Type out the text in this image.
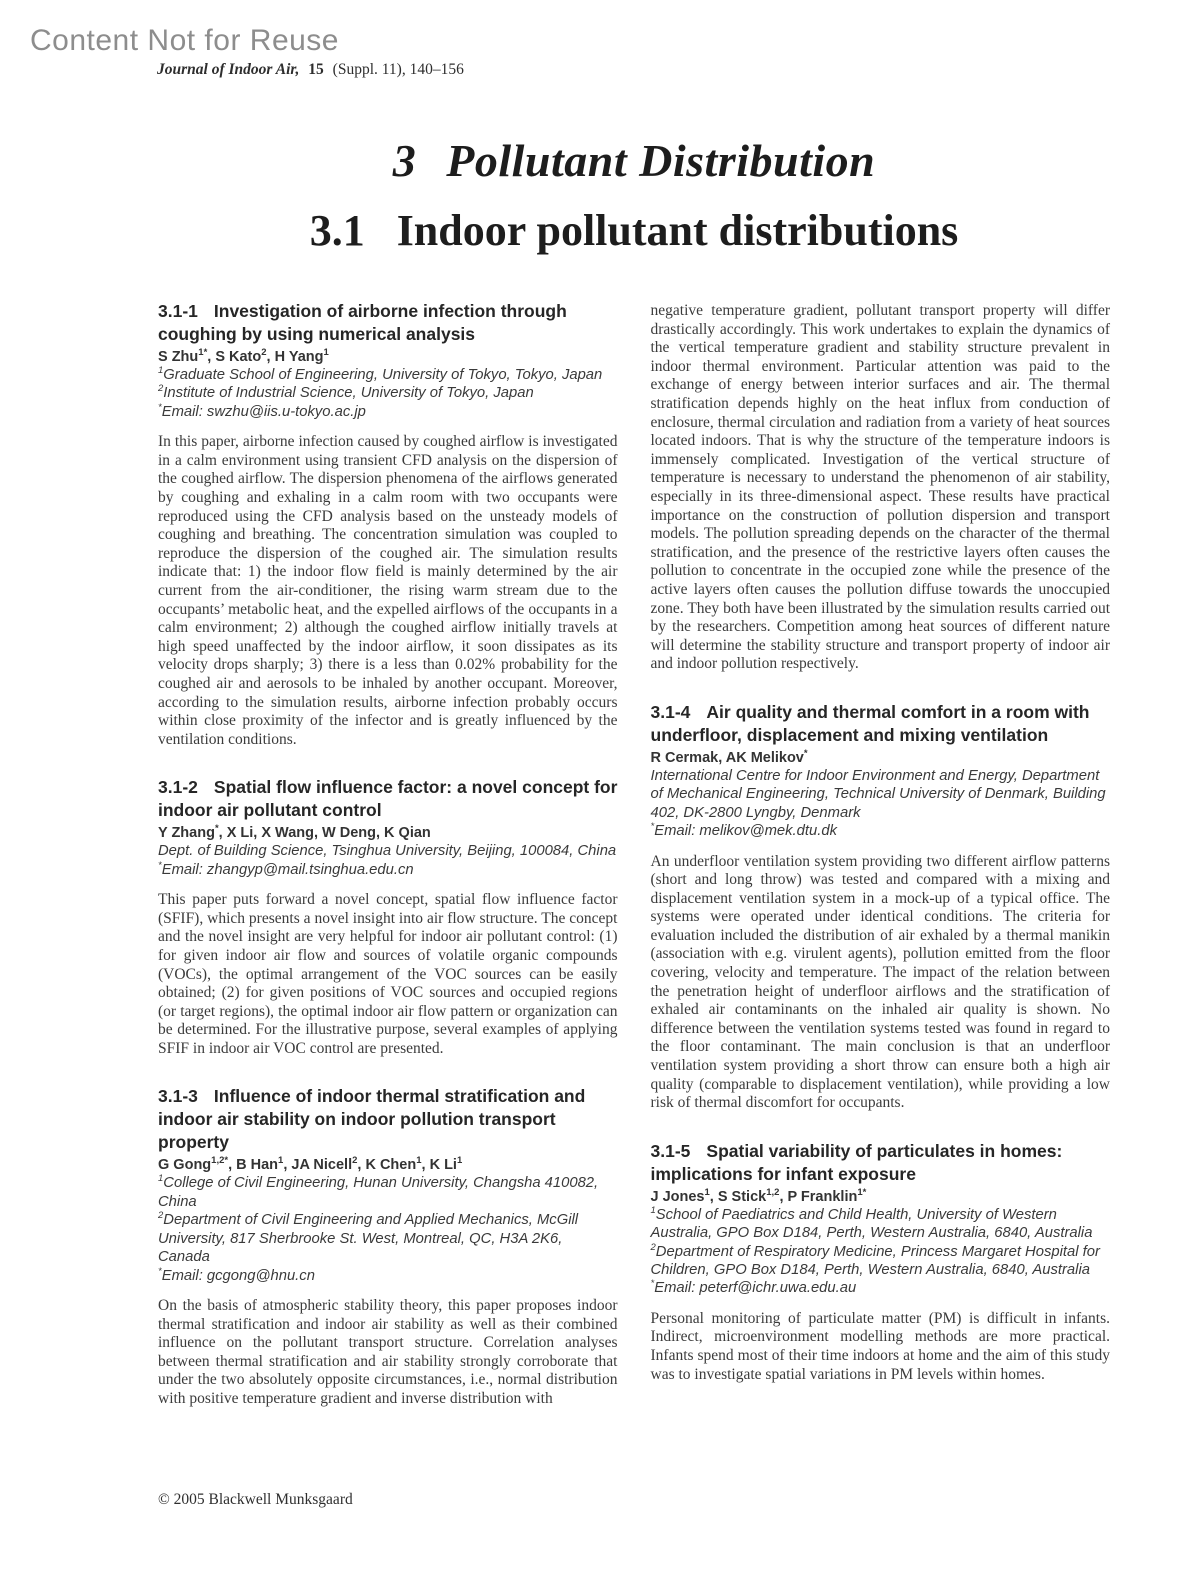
Content Not for Reuse
Journal of Indoor Air, 15 (Suppl. 11), 140–156
3 Pollutant Distribution
3.1 Indoor pollutant distributions
3.1-1 Investigation of airborne infection through coughing by using numerical analysis
S Zhu$^{1*}$, S Kato$^2$, H Yang$^1$
$^1$Graduate School of Engineering, University of Tokyo, Tokyo, Japan
$^2$Institute of Industrial Science, University of Tokyo, Japan
*Email: swzhu@iis.u-tokyo.ac.jp

In this paper, airborne infection caused by coughed airflow is investigated in a calm environment using transient CFD analysis on the dispersion of the coughed airflow. The dispersion phenomena of the airflows generated by coughing and exhaling in a calm room with two occupants were reproduced using the CFD analysis based on the unsteady models of coughing and breathing. The concentration simulation was coupled to reproduce the dispersion of the coughed air. The simulation results indicate that: 1) the indoor flow field is mainly determined by the air current from the air-conditioner, the rising warm stream due to the occupants’ metabolic heat, and the expelled airflows of the occupants in a calm environment; 2) although the coughed airflow initially travels at high speed unaffected by the indoor airflow, it soon dissipates as its velocity drops sharply; 3) there is a less than 0.02% probability for the coughed air and aerosols to be inhaled by another occupant. Moreover, according to the simulation results, airborne infection probably occurs within close proximity of the infector and is greatly influenced by the ventilation conditions.

3.1-2 Spatial flow influence factor: a novel concept for indoor air pollutant control
Y Zhang*, X Li, X Wang, W Deng, K Qian
Dept. of Building Science, Tsinghua University, Beijing, 100084, China
*Email: zhangyp@mail.tsinghua.edu.cn

This paper puts forward a novel concept, spatial flow influence factor (SFIF), which presents a novel insight into air flow structure. The concept and the novel insight are very helpful for indoor air pollutant control: (1) for given indoor air flow and sources of volatile organic compounds (VOCs), the optimal arrangement of the VOC sources can be easily obtained; (2) for given positions of VOC sources and occupied regions (or target regions), the optimal indoor air flow pattern or organization can be determined. For the illustrative purpose, several examples of applying SFIF in indoor air VOC control are presented.

3.1-3 Influence of indoor thermal stratification and indoor air stability on indoor pollution transport property
G Gong$^{1,2*}$, B Han$^1$, JA Nicell$^2$, K Chen$^1$, K Li$^1$
$^1$College of Civil Engineering, Hunan University, Changsha 410082, China
$^2$Department of Civil Engineering and Applied Mechanics, McGill University, 817 Sherbrooke St. West, Montreal, QC, H3A 2K6, Canada
*Email: gcgong@hnu.cn

On the basis of atmospheric stability theory, this paper proposes indoor thermal stratification and indoor air stability as well as their combined influence on the pollutant transport structure. Correlation analyses between thermal stratification and air stability strongly corroborate that under the two absolutely opposite circumstances, i.e., normal distribution with positive temperature gradient and inverse distribution with

negative temperature gradient, pollutant transport property will differ drastically accordingly. This work undertakes to explain the dynamics of the vertical temperature gradient and stability structure prevalent in indoor thermal environment. Particular attention was paid to the exchange of energy between interior surfaces and air. The thermal stratification depends highly on the heat influx from conduction of enclosure, thermal circulation and radiation from a variety of heat sources located indoors. That is why the structure of the temperature indoors is immensely complicated. Investigation of the vertical structure of temperature is necessary to understand the phenomenon of air stability, especially in its three-dimensional aspect. These results have practical importance on the construction of pollution dispersion and transport models. The pollution spreading depends on the character of the thermal stratification, and the presence of the restrictive layers often causes the pollution to concentrate in the occupied zone while the presence of the active layers often causes the pollution diffuse towards the unoccupied zone. They both have been illustrated by the simulation results carried out by the researchers. Competition among heat sources of different nature will determine the stability structure and transport property of indoor air and indoor pollution respectively.

3.1-4 Air quality and thermal comfort in a room with underfloor, displacement and mixing ventilation
R Cermak, AK Melikov*
International Centre for Indoor Environment and Energy, Department of Mechanical Engineering, Technical University of Denmark, Building 402, DK-2800 Lyngby, Denmark
*Email: melikov@mek.dtu.dk

An underfloor ventilation system providing two different airflow patterns (short and long throw) was tested and compared with a mixing and displacement ventilation system in a mock-up of a typical office. The systems were operated under identical conditions. The criteria for evaluation included the distribution of air exhaled by a thermal manikin (association with e.g. virulent agents), pollution emitted from the floor covering, velocity and temperature. The impact of the relation between the penetration height of underfloor airflows and the stratification of exhaled air contaminants on the inhaled air quality is shown. No difference between the ventilation systems tested was found in regard to the floor contaminant. The main conclusion is that an underfloor ventilation system providing a short throw can ensure both a high air quality (comparable to displacement ventilation), while providing a low risk of thermal discomfort for occupants.

3.1-5 Spatial variability of particulates in homes: implications for infant exposure
J Jones$^1$, S Stick$^{1,2}$, P Franklin$^{1*}$
$^1$School of Paediatrics and Child Health, University of Western Australia, GPO Box D184, Perth, Western Australia, 6840, Australia
$^2$Department of Respiratory Medicine, Princess Margaret Hospital for Children, GPO Box D184, Perth, Western Australia, 6840, Australia
*Email: peterf@ichr.uwa.edu.au

Personal monitoring of particulate matter (PM) is difficult in infants. Indirect, microenvironment modelling methods are more practical. Infants spend most of their time indoors at home and the aim of this study was to investigate spatial variations in PM levels within homes.

© 2005 Blackwell Munksgaard
